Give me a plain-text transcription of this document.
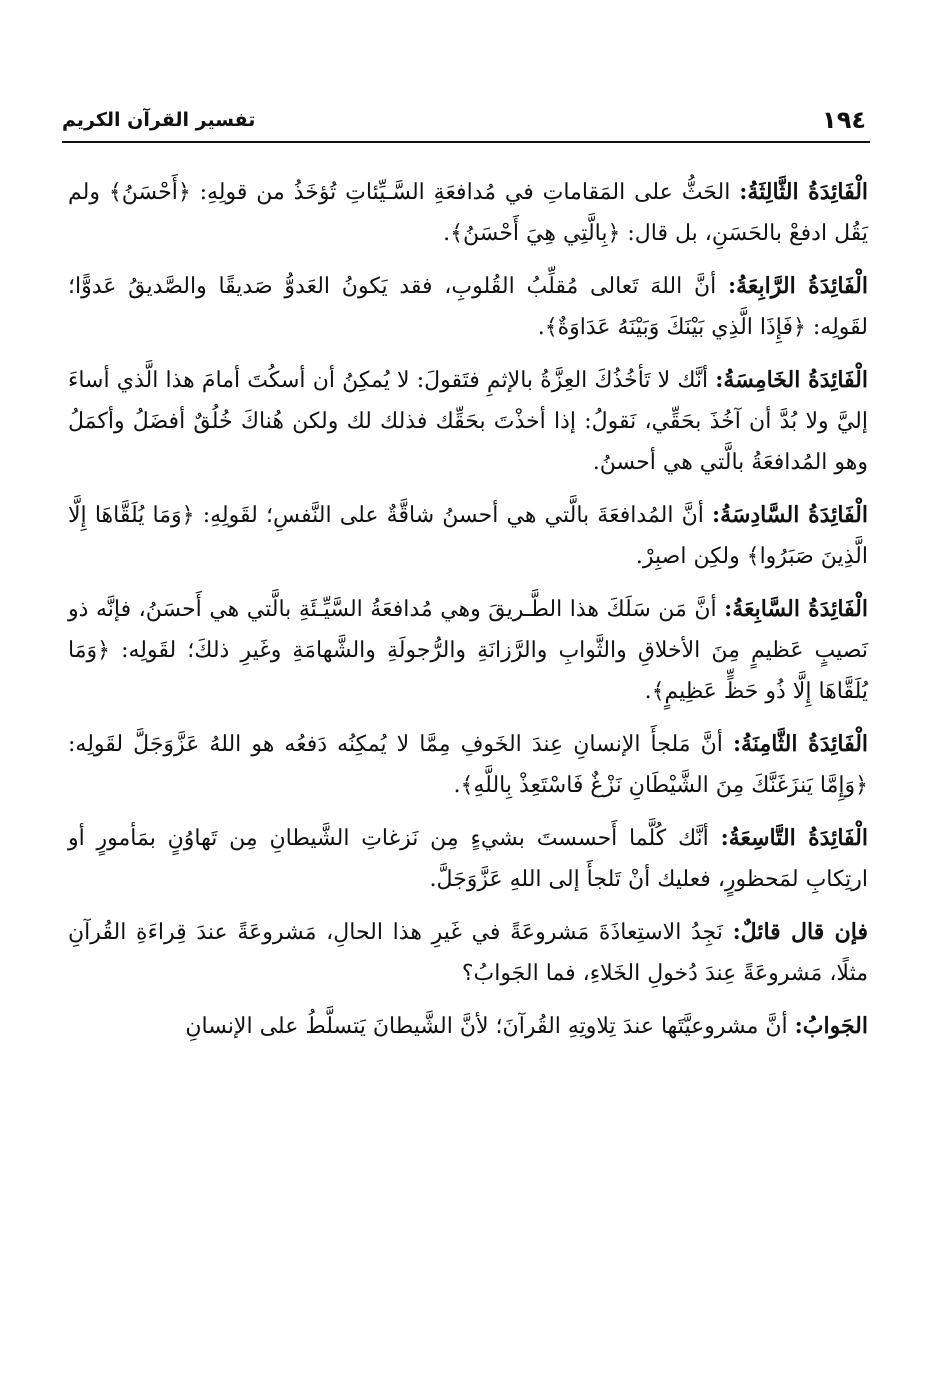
١٩٤
تفسير القرآن الكريم

الْفَائِدَةُ الثَّالِثَةُ: الحَثُّ على المَقاماتِ في مُدافعَةِ السَّـيِّئاتِ تُؤخَذُ من قولِهِ: ﴿أَحْسَنُ﴾ ولم يَقُل ادفعْ بالحَسَنِ، بل قال: ﴿بِالَّتِي هِيَ أَحْسَنُ﴾.

الْفَائِدَةُ الرَّابِعَةُ: أنَّ اللهَ تَعالى مُقلِّبُ القُلوبِ، فقد يَكونُ العَدوُّ صَديقًا والصَّديقُ عَدوًّا؛ لقَولِه: ﴿فَإِذَا الَّذِي بَيْنَكَ وَبَيْنَهُ عَدَاوَةٌ﴾.

الْفَائِدَةُ الخَامِسَةُ: أنَّك لا تَأخُذُكَ العِزَّةُ بالإثمِ فتَقولَ: لا يُمكِنُ أن أسكُتَ أمامَ هذا الَّذي أساءَ إليَّ ولا بُدَّ أن آخُذَ بحَقِّي، نَقولُ: إذا أخذْتَ بحَقِّك فذلك لك ولكن هُناكَ خُلُقٌ أفضَلُ وأكمَلُ وهو المُدافعَةُ بالَّتي هي أحسنُ.

الْفَائِدَةُ السَّادِسَةُ: أنَّ المُدافعَةَ بالَّتي هي أحسنُ شاقَّةٌ على النَّفسِ؛ لقَولِهِ: ﴿وَمَا يُلَقَّاهَا إِلَّا الَّذِينَ صَبَرُوا﴾ ولكِن اصبِرْ.

الْفَائِدَةُ السَّابِعَةُ: أنَّ مَن سَلَكَ هذا الطَّـريقَ وهي مُدافعَةُ السَّيِّـئَةِ بالَّتي هي أَحسَنُ، فإنَّه ذو نَصيبٍ عَظيمٍ مِنَ الأخلاقِ والثَّوابِ والرَّزانَةِ والرُّجولَةِ والشَّهامَةِ وغَيرِ ذلكَ؛ لقَولِه: ﴿وَمَا يُلَقَّاهَا إِلَّا ذُو حَظٍّ عَظِيمٍ﴾.

الْفَائِدَةُ الثَّامِنَةُ: أنَّ مَلجأَ الإنسانِ عِندَ الخَوفِ مِمَّا لا يُمكِنُه دَفعُه هو اللهُ عَزَّوَجَلَّ لقَولِه: ﴿وَإِمَّا يَنزَغَنَّكَ مِنَ الشَّيْطَانِ نَزْغٌ فَاسْتَعِذْ بِاللَّهِ﴾.

الْفَائِدَةُ التَّاسِعَةُ: أنَّك كُلَّما أَحسستَ بشيءٍ مِن نَزغاتِ الشَّيطانِ مِن تَهاوُنٍ بمَأمورٍ أو ارتِكابِ لمَحظورٍ، فعليك أنْ تَلجأَ إلى اللهِ عَزَّوَجَلَّ.

فإن قال قائلٌ: نَجِدُ الاستِعاذَةَ مَشروعَةً في غَيرِ هذا الحالِ، مَشروعَةً عندَ قِراءَةِ القُرآنِ مثلًا، مَشروعَةً عِندَ دُخولِ الخَلاءِ، فما الجَوابُ؟

الجَوابُ: أنَّ مشروعيَّتَها عندَ تِلاوتِهِ القُرآنَ؛ لأنَّ الشَّيطانَ يَتسلَّطُ على الإنسانِ
